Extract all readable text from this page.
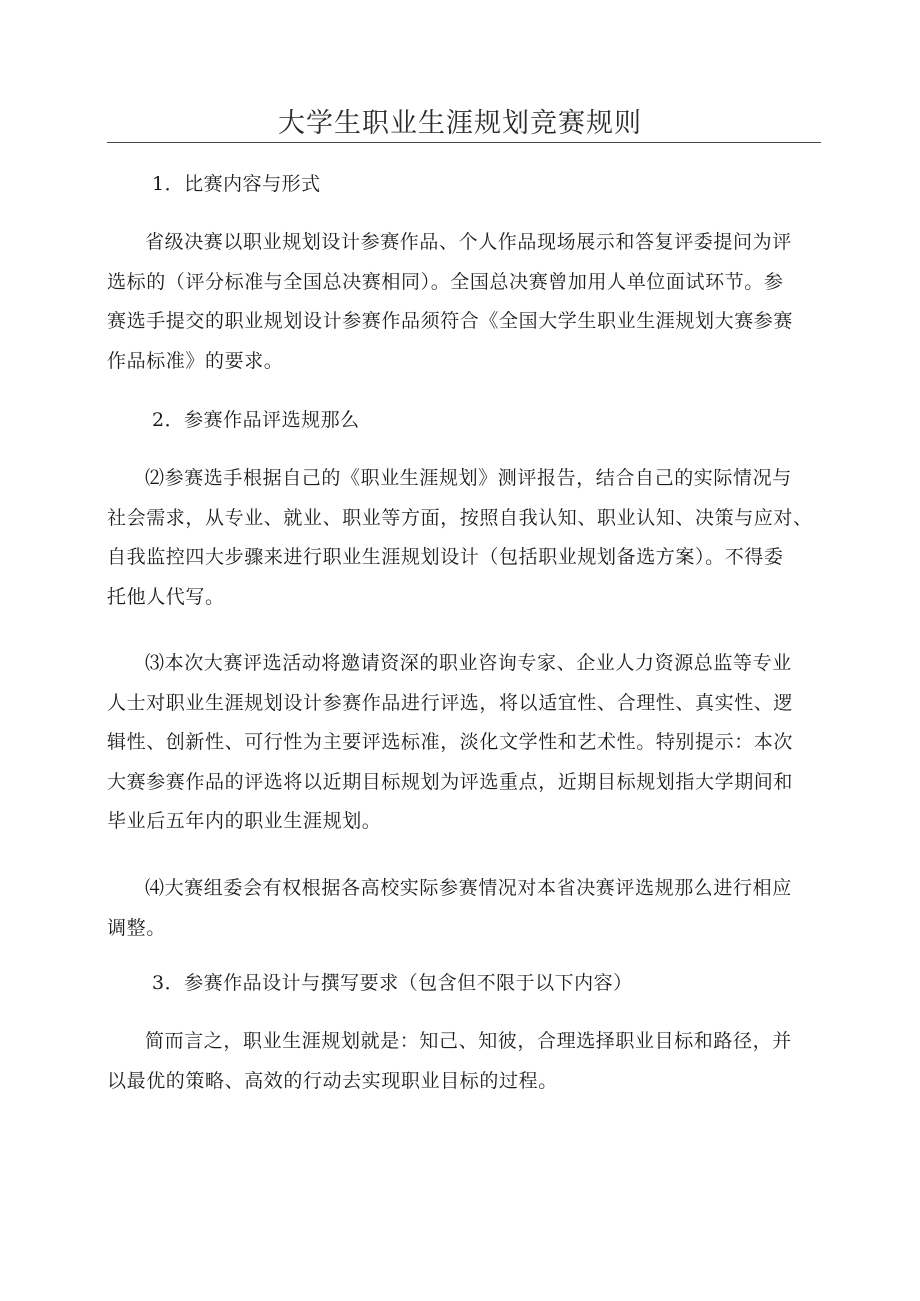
大学生职业生涯规划竞赛规则
1．比赛内容与形式
省级决赛以职业规划设计参赛作品、个人作品现场展示和答复评委提问为评
选标的（评分标准与全国总决赛相同）。全国总决赛曾加用人单位面试环节。参
赛选手提交的职业规划设计参赛作品须符合《全国大学生职业生涯规划大赛参赛
作品标准》的要求。
2．参赛作品评选规那么
⑵参赛选手根据自己的《职业生涯规划》测评报告，结合自己的实际情况与
社会需求，从专业、就业、职业等方面，按照自我认知、职业认知、决策与应对、
自我监控四大步骤来进行职业生涯规划设计（包括职业规划备选方案）。不得委
托他人代写。
⑶本次大赛评选活动将邀请资深的职业咨询专家、企业人力资源总监等专业
人士对职业生涯规划设计参赛作品进行评选，将以适宜性、合理性、真实性、逻
辑性、创新性、可行性为主要评选标准，淡化文学性和艺术性。特别提示：本次
大赛参赛作品的评选将以近期目标规划为评选重点，近期目标规划指大学期间和
毕业后五年内的职业生涯规划。
⑷大赛组委会有权根据各高校实际参赛情况对本省决赛评选规那么进行相应
调整。
3．参赛作品设计与撰写要求（包含但不限于以下内容）
简而言之，职业生涯规划就是：知己、知彼，合理选择职业目标和路径，并
以最优的策略、高效的行动去实现职业目标的过程。
